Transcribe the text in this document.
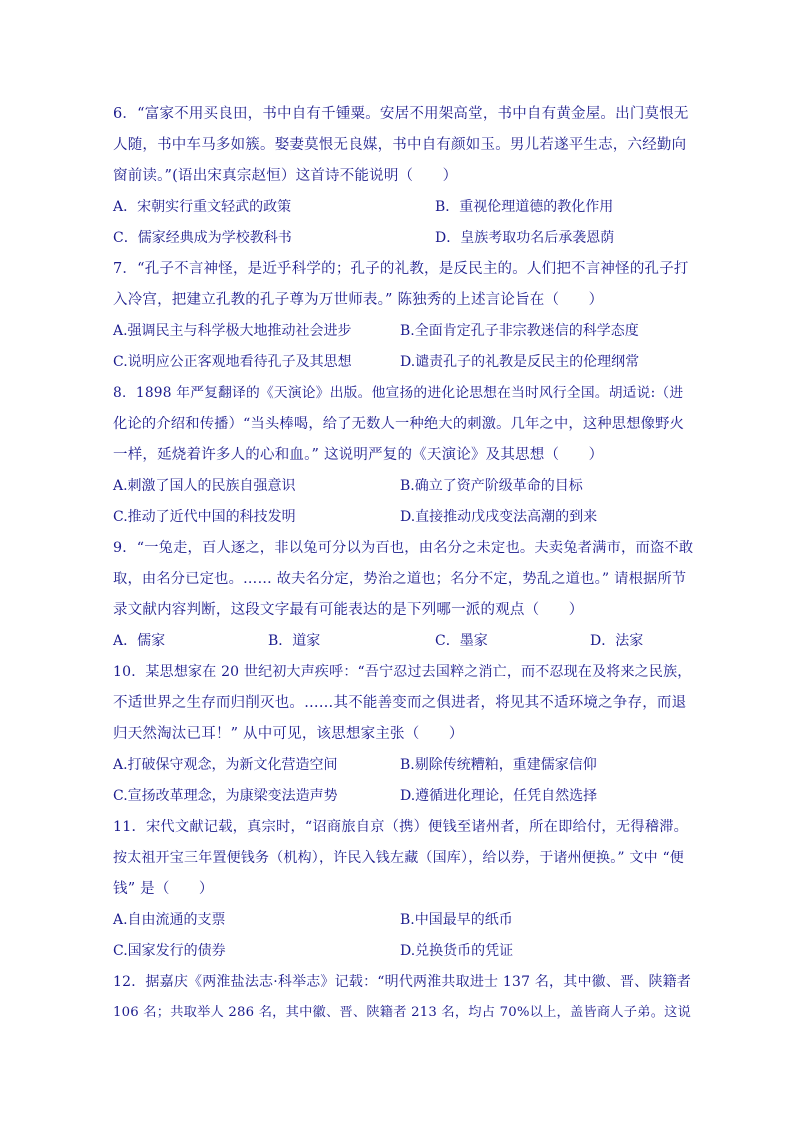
6．“富家不用买良田，书中自有千锺粟。安居不用架高堂，书中自有黄金屋。出门莫恨无
人随，书中车马多如簇。娶妻莫恨无良媒，书中自有颜如玉。男儿若遂平生志，六经勤向
窗前读。”(语出宋真宗赵恒）这首诗不能说明（　　）
A．宋朝实行重文轻武的政策	B．重视伦理道德的教化作用
C．儒家经典成为学校教科书	D．皇族考取功名后承袭恩荫
7．“孔子不言神怪，是近乎科学的；孔子的礼教，是反民主的。人们把不言神怪的孔子打
入冷宫，把建立孔教的孔子尊为万世师表。” 陈独秀的上述言论旨在（　　）
A.强调民主与科学极大地推动社会进步	B.全面肯定孔子非宗教迷信的科学态度
C.说明应公正客观地看待孔子及其思想	D.谴责孔子的礼教是反民主的伦理纲常
8．1898 年严复翻译的《天演论》出版。他宣扬的进化论思想在当时风行全国。胡适说:（进
化论的介绍和传播）“当头棒喝，给了无数人一种绝大的刺激。几年之中，这种思想像野火
一样，延烧着许多人的心和血。” 这说明严复的《天演论》及其思想（　　）
A.刺激了国人的民族自强意识	B.确立了资产阶级革命的目标
C.推动了近代中国的科技发明	D.直接推动戊戌变法高潮的到来
9．“一兔走，百人逐之，非以兔可分以为百也，由名分之未定也。夫卖兔者满市，而盗不敢
取，由名分已定也。…… 故夫名分定，势治之道也；名分不定，势乱之道也。” 请根据所节
录文献内容判断，这段文字最有可能表达的是下列哪一派的观点（　　）
A．儒家	B．道家	C．墨家	D．法家
10．某思想家在 20 世纪初大声疾呼：“吾宁忍过去国粹之消亡，而不忍现在及将来之民族，
不适世界之生存而归削灭也。……其不能善变而之俱进者，将见其不适环境之争存，而退
归天然淘汰已耳！” 从中可见，该思想家主张（　　）
A.打破保守观念，为新文化营造空间	B.剔除传统糟粕，重建儒家信仰
C.宣扬改革理念，为康梁变法造声势	D.遵循进化理论，任凭自然选择
11．宋代文献记载，真宗时，“诏商旅自京（携）便钱至诸州者，所在即给付，无得稽滞。
按太祖开宝三年置便钱务（机构），许民入钱左藏（国库），给以券，于诸州便换。” 文中 “便
钱” 是（　　）
A.自由流通的支票	B.中国最早的纸币
C.国家发行的债券	D.兑换货币的凭证
12．据嘉庆《两淮盐法志·科举志》记载：“明代两淮共取进士 137 名，其中徽、晋、陕籍者
106 名；共取举人 286 名，其中徽、晋、陕籍者 213 名，均占 70%以上，盖皆商人子弟。这说
